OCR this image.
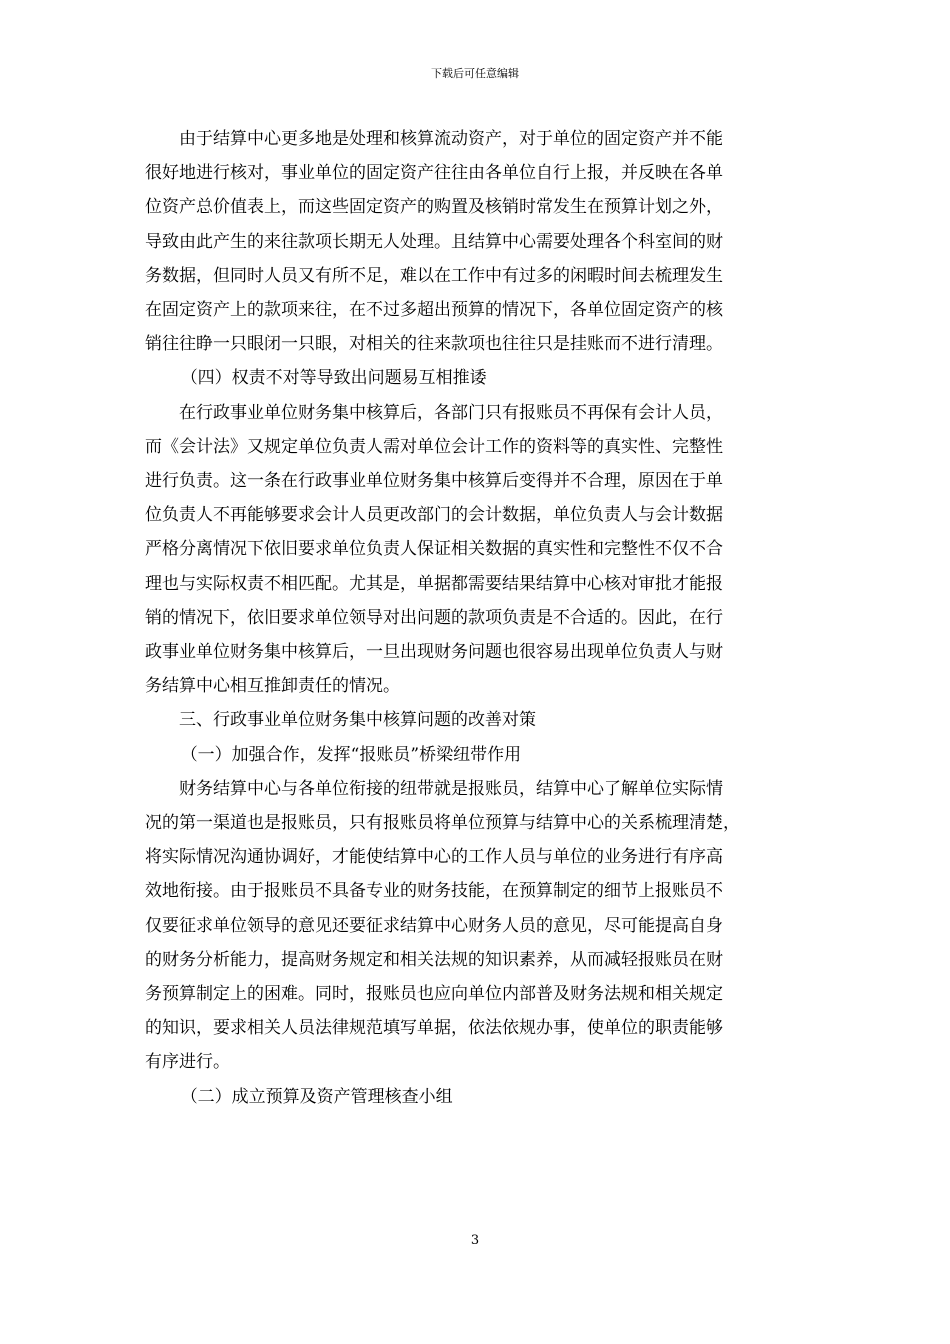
下载后可任意编辑

由于结算中心更多地是处理和核算流动资产，对于单位的固定资产并不能
很好地进行核对，事业单位的固定资产往往由各单位自行上报，并反映在各单
位资产总价值表上，而这些固定资产的购置及核销时常发生在预算计划之外，
导致由此产生的来往款项长期无人处理。且结算中心需要处理各个科室间的财
务数据，但同时人员又有所不足，难以在工作中有过多的闲暇时间去梳理发生
在固定资产上的款项来往，在不过多超出预算的情况下，各单位固定资产的核
销往往睁一只眼闭一只眼，对相关的往来款项也往往只是挂账而不进行清理。

（四）权责不对等导致出问题易互相推诿

在行政事业单位财务集中核算后，各部门只有报账员不再保有会计人员，
而《会计法》又规定单位负责人需对单位会计工作的资料等的真实性、完整性
进行负责。这一条在行政事业单位财务集中核算后变得并不合理，原因在于单
位负责人不再能够要求会计人员更改部门的会计数据，单位负责人与会计数据
严格分离情况下依旧要求单位负责人保证相关数据的真实性和完整性不仅不合
理也与实际权责不相匹配。尤其是，单据都需要结果结算中心核对审批才能报
销的情况下，依旧要求单位领导对出问题的款项负责是不合适的。因此，在行
政事业单位财务集中核算后，一旦出现财务问题也很容易出现单位负责人与财
务结算中心相互推卸责任的情况。

三、行政事业单位财务集中核算问题的改善对策

（一）加强合作，发挥“报账员”桥梁纽带作用

财务结算中心与各单位衔接的纽带就是报账员，结算中心了解单位实际情
况的第一渠道也是报账员，只有报账员将单位预算与结算中心的关系梳理清楚，
将实际情况沟通协调好，才能使结算中心的工作人员与单位的业务进行有序高
效地衔接。由于报账员不具备专业的财务技能，在预算制定的细节上报账员不
仅要征求单位领导的意见还要征求结算中心财务人员的意见，尽可能提高自身
的财务分析能力，提高财务规定和相关法规的知识素养，从而减轻报账员在财
务预算制定上的困难。同时，报账员也应向单位内部普及财务法规和相关规定
的知识，要求相关人员法律规范填写单据，依法依规办事，使单位的职责能够
有序进行。

（二）成立预算及资产管理核查小组

3
